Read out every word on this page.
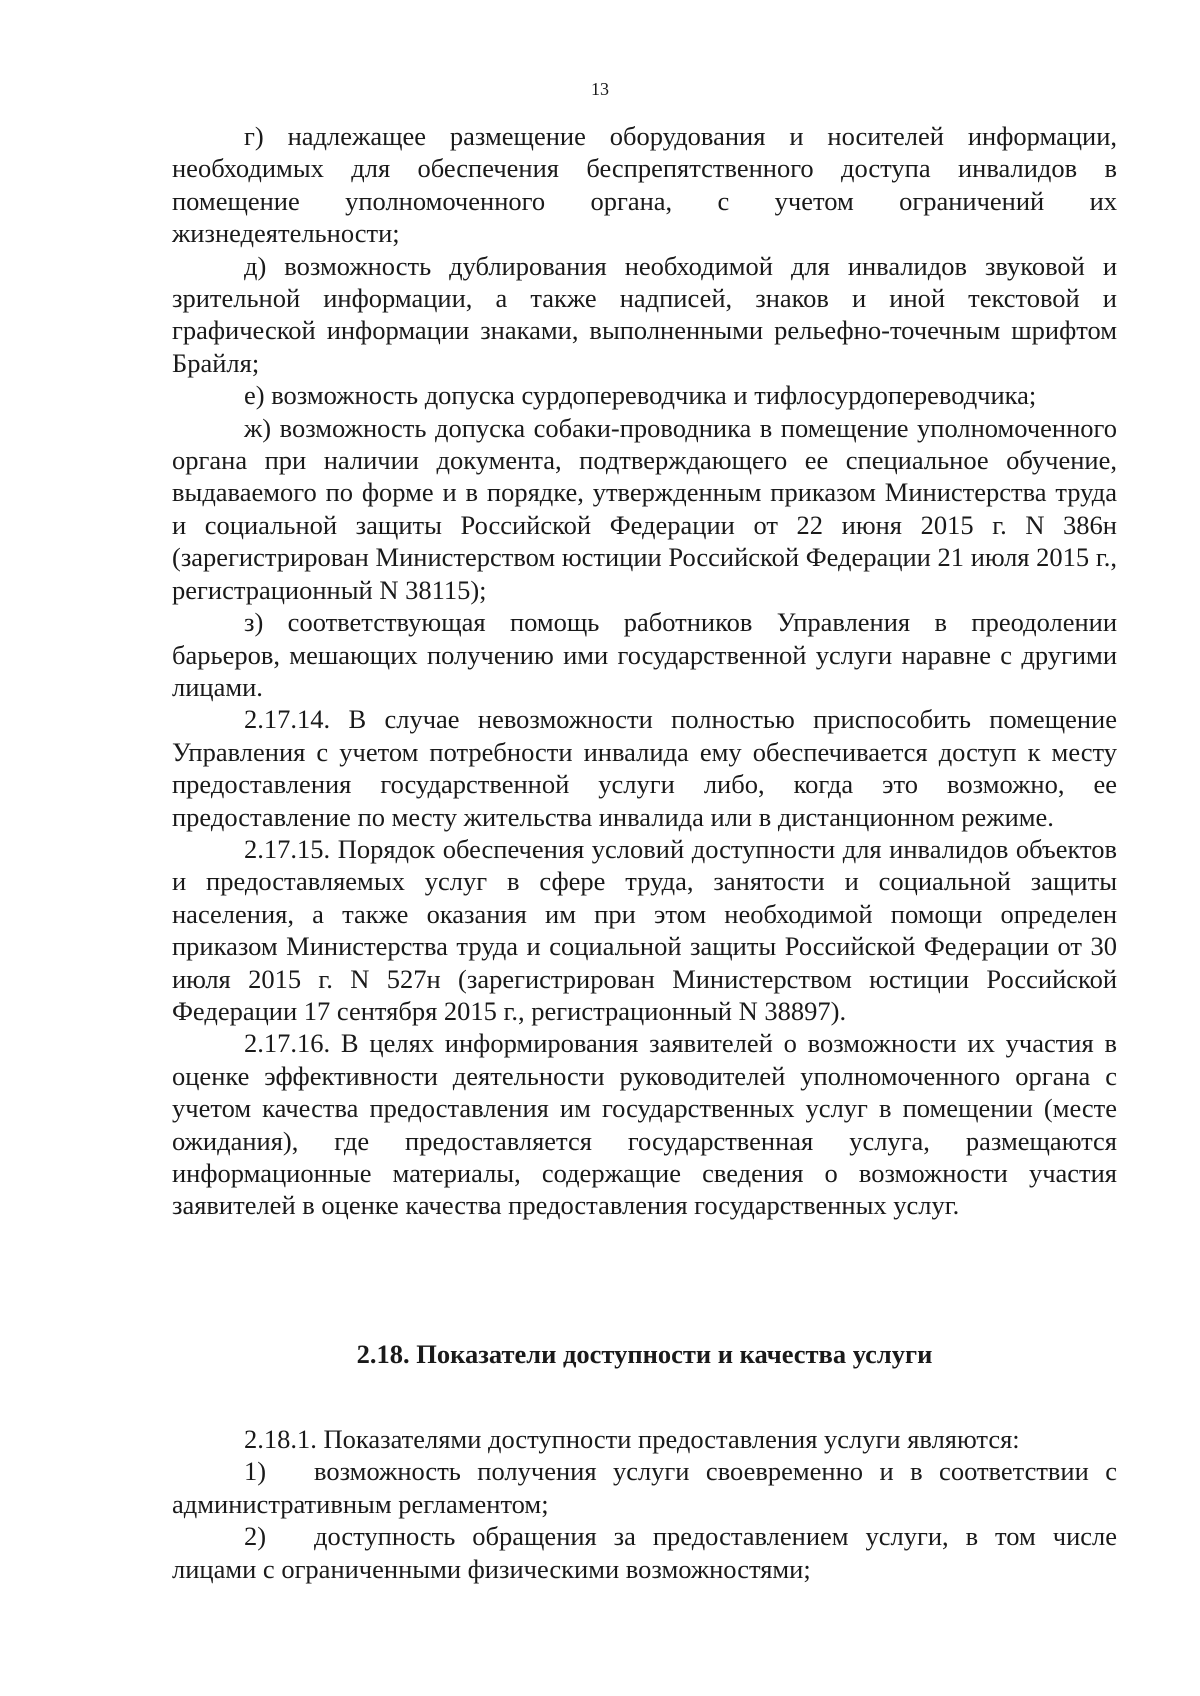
13

г) надлежащее размещение оборудования и носителей информации, необходимых для обеспечения беспрепятственного доступа инвалидов в помещение уполномоченного органа, с учетом ограничений их жизнедеятельности;

д) возможность дублирования необходимой для инвалидов звуковой и зрительной информации, а также надписей, знаков и иной текстовой и графической информации знаками, выполненными рельефно-точечным шрифтом Брайля;

е) возможность допуска сурдопереводчика и тифлосурдопереводчика;

ж) возможность допуска собаки-проводника в помещение уполномоченного органа при наличии документа, подтверждающего ее специальное обучение, выдаваемого по форме и в порядке, утвержденным приказом Министерства труда и социальной защиты Российской Федерации от 22 июня 2015 г. N 386н (зарегистрирован Министерством юстиции Российской Федерации 21 июля 2015 г., регистрационный N 38115);

з) соответствующая помощь работников Управления в преодолении барьеров, мешающих получению ими государственной услуги наравне с другими лицами.

2.17.14. В случае невозможности полностью приспособить помещение Управления с учетом потребности инвалида ему обеспечивается доступ к месту предоставления государственной услуги либо, когда это возможно, ее предоставление по месту жительства инвалида или в дистанционном режиме.

2.17.15. Порядок обеспечения условий доступности для инвалидов объектов и предоставляемых услуг в сфере труда, занятости и социальной защиты населения, а также оказания им при этом необходимой помощи определен приказом Министерства труда и социальной защиты Российской Федерации от 30 июля 2015 г. N 527н (зарегистрирован Министерством юстиции Российской Федерации 17 сентября 2015 г., регистрационный N 38897).

2.17.16. В целях информирования заявителей о возможности их участия в оценке эффективности деятельности руководителей уполномоченного органа с учетом качества предоставления им государственных услуг в помещении (месте ожидания), где предоставляется государственная услуга, размещаются информационные материалы, содержащие сведения о возможности участия заявителей в оценке качества предоставления государственных услуг.

2.18. Показатели доступности и качества услуги

2.18.1. Показателями доступности предоставления услуги являются:

1) возможность получения услуги своевременно и в соответствии с административным регламентом;

2) доступность обращения за предоставлением услуги, в том числе лицами с ограниченными физическими возможностями;
